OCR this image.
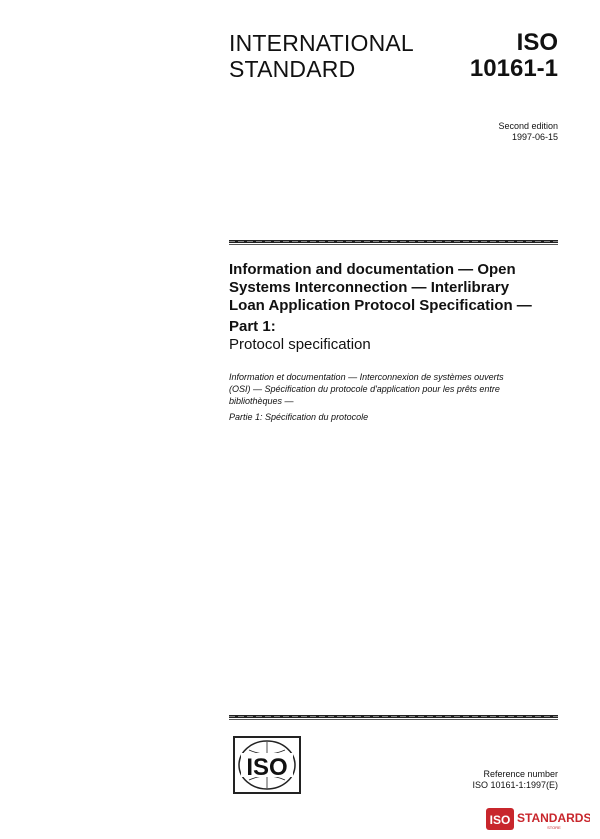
INTERNATIONAL
STANDARD
ISO
10161-1
Second edition
1997-06-15
Information and documentation — Open
Systems Interconnection — Interlibrary
Loan Application Protocol Specification —
Part 1:
Protocol specification
Information et documentation — Interconnexion de systèmes ouverts
(OSI) — Spécification du protocole d'application pour les prêts entre
bibliothèques —
Partie 1: Spécification du protocole
ISO	Reference number
ISO 10161-1:1997(E)
ISO STANDARDS
STORE
